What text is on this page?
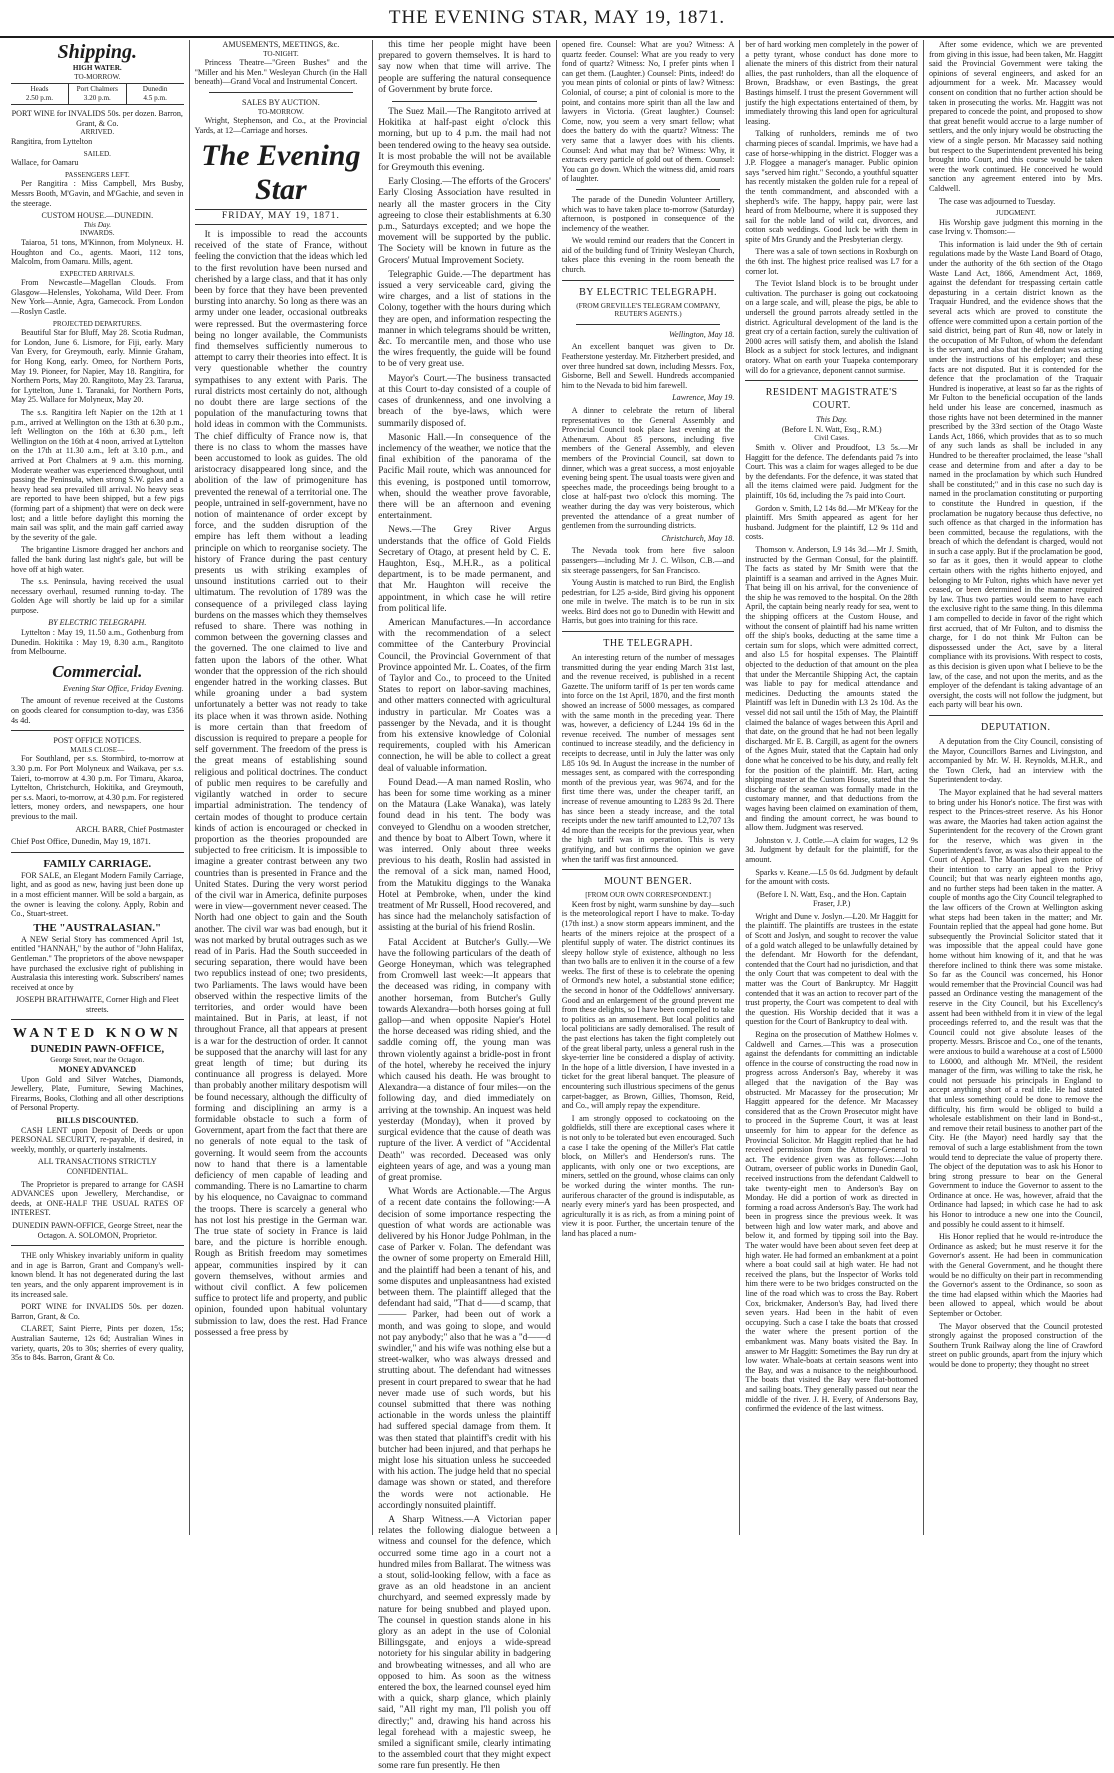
THE EVENING STAR, MAY 19, 1871.
Shipping.
HIGH WATER.
TO-MORROW.
Heads
2.50 p.m.
Port Chalmers
3.20 p.m.
Dunedin
4.5 p.m.
PORT WINE for INVALIDS 50s. per dozen. Barron, Grant, & Co.
ARRIVED.

Rangitira, from Lyttelton

SAILED.

Wallace, for Oamaru

PASSENGERS LEFT.

Per Rangitira : Miss Campbell, Mrs Busby, Messrs Booth, M'Gavin, and M'Gachie, and seven in the steerage.

CUSTOM HOUSE.—DUNEDIN.
This Day.
INWARDS.

Taiaroa, 51 tons, M'Kinnon, from Molyneux. H. Houghton and Co., agents. Maori, 112 tons, Malcolm, from Oamaru. Mills, agent.

EXPECTED ARRIVALS.

From Newcastle—Magellan Clouds. From Glasgow—Helensles, Yokohama, Wild Deer. From New York—Annie, Agra, Gamecock. From London—Roslyn Castle.

PROJECTED DEPARTURES.

Beautiful Star for Bluff, May 28. Scotia Rudman, for London, June 6. Lismore, for Fiji, early. Mary Van Every, for Greymouth, early. Minnie Graham, for Hong Kong, early. Omeo, for Northern Ports, May 19. Pioneer, for Napier, May 18. Rangitira, for Northern Ports, May 20. Rangitoto, May 23. Tararua, for Lyttelton, June 1. Taranaki, for Northern Ports, May 25. Wallace for Molyneux, May 20.

The s.s. Rangitira left Napier on the 12th at 1 p.m., arrived at Wellington on the 13th at 6.30 p.m., left Wellington on the 16th at 6.30 p.m., left Wellington on the 16th at 4 noon, arrived at Lyttelton on the 17th at 11.30 a.m., left at 3.10 p.m., and arrived at Port Chalmers at 9 a.m. this morning. Moderate weather was experienced throughout, until passing the Peninsula, when strong S.W. gales and a heavy head sea prevailed till arrival. No heavy seas are reported to have been shipped, but a few pigs (forming part of a shipment) that were on deck were lost; and a little before daylight this morning the main sail was split, and the main gaff carried away by the severity of the gale.

The brigantine Lismore dragged her anchors and falled the bank during last night's gale, but will be hove off at high water.

The s.s. Peninsula, having received the usual necessary overhaul, resumed running to-day. The Golden Age will shortly be laid up for a similar purpose.

BY ELECTRIC TELEGRAPH.

Lyttelton : May 19, 11.50 a.m., Gothenburg from Dunedin. Hokitika : May 19, 8.30 a.m., Rangitoto from Melbourne.

Commercial.

Evening Star Office, Friday Evening.

The amount of revenue received at the Customs on goods cleared for consumption to-day, was £356 4s 4d.

POST OFFICE NOTICES.
MAILS CLOSE—

For Southland, per s.s. Stormbird, to-morrow at 3.30 p.m. For Port Molyneux and Waikava, per s.s. Taieri, to-morrow at 4.30 p.m. For Timaru, Akaroa, Lyttelton, Christchurch, Hokitika, and Greymouth, per s.s. Maori, to-morrow, at 4.30 p.m. For registered letters, money orders, and newspapers, one hour previous to the mail.

ARCH. BARR, Chief Postmaster

Chief Post Office, Dunedin, May 19, 1871.

FAMILY CARRIAGE.

FOR SALE, an Elegant Modern Family Carriage, light, and as good as new, having just been done up in a most efficient manner. Will be sold a bargain, as the owner is leaving the colony. Apply, Robin and Co., Stuart-street.

THE "AUSTRALASIAN."

A NEW Serial Story has commenced April 1st, entitled "HANNAH," by the author of "John Halifax, Gentleman." The proprietors of the above newspaper have purchased the exclusive right of publishing in Australasia this interesting work. Subscribers' names received at once by

JOSEPH BRAITHWAITE, Corner High and Fleet streets.

WANTED KNOWN
DUNEDIN PAWN-OFFICE,
George Street, near the Octagon.
MONEY ADVANCED

Upon Gold and Silver Watches, Diamonds, Jewellery, Plate, Furniture, Sewing Machines, Firearms, Books, Clothing and all other descriptions of Personal Property.

BILLS DISCOUNTED.

CASH LENT upon Deposit of Deeds or upon PERSONAL SECURITY, re-payable, if desired, in weekly, monthly, or quarterly instalments.

ALL TRANSACTIONS STRICTLY CONFIDENTIAL.

The Proprietor is prepared to arrange for CASH ADVANCES upon Jewellery, Merchandise, or deeds, at ONE-HALF THE USUAL RATES OF INTEREST.

DUNEDIN PAWN-OFFICE, George Street, near the Octagon. A. SOLOMON, Proprietor.

THE only Whiskey invariably uniform in quality and in age is Barron, Grant and Company's well-known blend. It has not degenerated during the last ten years, and the only apparent improvement is in its increased sale.

PORT WINE for INVALIDS 50s. per dozen. Barron, Grant, & Co.

CLARET, Saint Pierre, Pints per dozen, 15s; Australian Sauterne, 12s 6d; Australian Wines in variety, quarts, 20s to 30s; sherries of every quality, 35s to 84s. Barron, Grant & Co.

AMUSEMENTS, MEETINGS, &c.
TO-NIGHT.

Princess Theatre—"Green Bushes" and the "Miller and his Men." Wesleyan Church (in the Hall beneath)—Grand Vocal and Instrumental Concert.

SALES BY AUCTION.
TO-MORROW.

Wright, Stephenson, and Co., at the Provincial Yards, at 12—Carriage and horses.

The Evening Star
FRIDAY, MAY 19, 1871.

It is impossible to read the accounts received of the state of France, without feeling the conviction that the ideas which led to the first revolution have been nursed and cherished by a large class, and that it has only been by force that they have been prevented bursting into anarchy. So long as there was an army under one leader, occasional outbreaks were repressed. But the overmastering force being no longer available, the Communists find themselves sufficiently numerous to attempt to carry their theories into effect. It is very questionable whether the country sympathises to any extent with Paris. The rural districts most certainly do not, although no doubt there are large sections of the population of the manufacturing towns that hold ideas in common with the Communists. The chief difficulty of France now is, that there is no class to whom the masses have been accustomed to look as guides. The old aristocracy disappeared long since, and the abolition of the law of primogeniture has prevented the renewal of a territorial one. The people, untrained in self-government, have no notion of maintenance of order except by force, and the sudden disruption of the empire has left them without a leading principle on which to reorganise society. The history of France during the past century presents us with striking examples of unsound institutions carried out to their ultimatum. The revolution of 1789 was the consequence of a privileged class laying burdens on the masses which they themselves refused to share. There was nothing in common between the governing classes and the governed. The one claimed to live and fatten upon the labors of the other. What wonder that the oppression of the rich should engender hatred in the working classes. But while groaning under a bad system unfortunately a better was not ready to take its place when it was thrown aside. Nothing is more certain than that freedom of discussion is required to prepare a people for self government. The freedom of the press is the great means of establishing sound religious and political doctrines. The conduct of public men requires to be carefully and vigilantly watched in order to secure impartial administration. The tendency of certain modes of thought to produce certain kinds of action is encouraged or checked in proportion as the theories propounded are subjected to free criticism. It is impossible to imagine a greater contrast between any two countries than is presented in France and the United States. During the very worst period of the civil war in America, definite purposes were in view—government never ceased. The North had one object to gain and the South another. The civil war was bad enough, but it was not marked by brutal outrages such as we read of in Paris. Had the South succeeded in securing separation, there would have been two republics instead of one; two presidents, two Parliaments. The laws would have been observed within the respective limits of the territories, and order would have been maintained. But in Paris, at least, if not throughout France, all that appears at present is a war for the destruction of order. It cannot be supposed that the anarchy will last for any great length of time; but during its continuance all progress is delayed. More than probably another military despotism will be found necessary, although the difficulty of forming and disciplining an army is a formidable obstacle to such a form of Government, apart from the fact that there are no generals of note equal to the task of governing. It would seem from the accounts now to hand that there is a lamentable deficiency of men capable of leading and commanding. There is no Lamartine to charm by his eloquence, no Cavaignac to command the troops. There is scarcely a general who has not lost his prestige in the German war. The true state of society in France is laid bare, and the picture is horrible enough. Rough as British freedom may sometimes appear, communities inspired by it can govern themselves, without armies and without civil conflict. A few policemen suffice to protect life and property, and public opinion, founded upon habitual voluntary submission to law, does the rest. Had France possessed a free press by

this time her people might have been prepared to govern themselves. It is hard to say now when that time will arrive. The people are suffering the natural consequence of Government by brute force.

The Suez Mail.—The Rangitoto arrived at Hokitika at half-past eight o'clock this morning, but up to 4 p.m. the mail had not been tendered owing to the heavy sea outside. It is most probable the will not be available for Greymouth this evening.

Early Closing.—The efforts of the Grocers' Early Closing Association have resulted in nearly all the master grocers in the City agreeing to close their establishments at 6.30 p.m., Saturdays excepted; and we hope the movement will be supported by the public. The Society will be known in future as the Grocers' Mutual Improvement Society.

Telegraphic Guide.—The department has issued a very serviceable card, giving the wire charges, and a list of stations in the Colony, together with the hours during which they are open, and information respecting the manner in which telegrams should be written, &c. To mercantile men, and those who use the wires frequently, the guide will be found to be of very great use.

Mayor's Court.—The business transacted at this Court to-day consisted of a couple of cases of drunkenness, and one involving a breach of the bye-laws, which were summarily disposed of.

Masonic Hall.—In consequence of the inclemency of the weather, we notice that the final exhibition of the panorama of the Pacific Mail route, which was announced for this evening, is postponed until tomorrow, when, should the weather prove favorable, there will be an afternoon and evening entertainment.

News.—The Grey River Argus understands that the office of Gold Fields Secretary of Otago, at present held by C. E. Haughton, Esq., M.H.R., as a political department, is to be made permanent, and that Mr. Haughton will receive the appointment, in which case he will retire from political life.

American Manufactures.—In accordance with the recommendation of a select committee of the Canterbury Provincial Council, the Provincial Government of that Province appointed Mr. L. Coates, of the firm of Taylor and Co., to proceed to the United States to report on labor-saving machines, and other matters connected with agricultural industry in particular. Mr Coates was a passenger by the Nevada, and it is thought from his extensive knowledge of Colonial requirements, coupled with his American connection, he will be able to collect a great deal of valuable information.

Found Dead.—A man named Roslin, who has been for some time working as a miner on the Mataura (Lake Wanaka), was lately found dead in his tent. The body was conveyed to Glendhu on a wooden stretcher, and thence by boat to Albert Town, where it was interred. Only about three weeks previous to his death, Roslin had assisted in the removal of a sick man, named Hood, from the Matukitu diggings to the Wanaka Hotel at Pembroke, when, under the kind treatment of Mr Russell, Hood recovered, and has since had the melancholy satisfaction of assisting at the burial of his friend Roslin.

Fatal Accident at Butcher's Gully.—We have the following particulars of the death of George Honeyman, which was telegraphed from Cromwell last week:—It appears that the deceased was riding, in company with another horseman, from Butcher's Gully towards Alexandra—both horses going at full gallop—and when opposite Napier's Hotel the horse deceased was riding shied, and the saddle coming off, the young man was thrown violently against a bridle-post in front of the hotel, whereby he received the injury which caused his death. He was brought to Alexandra—a distance of four miles—on the following day, and died immediately on arriving at the township. An inquest was held yesterday (Monday), when it proved by surgical evidence that the cause of death was rupture of the liver. A verdict of "Accidental Death" was recorded. Deceased was only eighteen years of age, and was a young man of great promise.

What Words are Actionable.—The Argus of a recent date contains the following:—A decision of some importance respecting the question of what words are actionable was delivered by his Honor Judge Pohlman, in the case of Parker v. Folan. The defendant was the owner of some property on Emerald Hill, and the plaintiff had been a tenant of his, and some disputes and unpleasantness had existed between them. The plaintiff alleged that the defendant had said, "That d——d scamp, that ——— Parker, had been out of work a month, and was going to slope, and would not pay anybody;" also that he was a "d——d swindler," and his wife was nothing else but a street-walker, who was always dressed and strutting about. The defendant had witnesses present in court prepared to swear that he had never made use of such words, but his counsel submitted that there was nothing actionable in the words unless the plaintiff had suffered special damage from them. It was then stated that plaintiff's credit with his butcher had been injured, and that perhaps he might lose his situation unless he succeeded with his action. The judge held that no special damage was shown or stated, and therefore the words were not actionable. He accordingly nonsuited plaintiff.

A Sharp Witness.—A Victorian paper relates the following dialogue between a witness and counsel for the defence, which occurred some time ago in a court not a hundred miles from Ballarat. The witness was a stout, solid-looking fellow, with a face as grave as an old headstone in an ancient churchyard, and seemed expressly made by nature for being snubbed and played upon. The counsel in question stands alone in his glory as an adept in the use of Colonial Billingsgate, and enjoys a wide-spread notoriety for his singular ability in badgering and browbeating witnesses, and all who are opposed to him. As soon as the witness entered the box, the learned counsel eyed him with a quick, sharp glance, which plainly said, "All right my man, I'll polish you off directly;" and, drawing his hand across his legal forehead with a majestic sweep, he smiled a significant smile, clearly intimating to the assembled court that they might expect some rare fun presently. He then

opened fire. Counsel: What are you? Witness: A quartz feeder. Counsel: What are you ready to very fond of quartz? Witness: No, I prefer pints when I can get them. (Laughter.) Counsel: Pints, indeed! do you mean pints of colonial or pints of law? Witness: Colonial, of course; a pint of colonial is more to the point, and contains more spirit than all the law and lawyers in Victoria. (Great laughter.) Counsel: Come, now, you seem a very smart fellow; what does the battery do with the quartz? Witness: The very same that a lawyer does with his clients. Counsel: And what may that be? Witness: Why, it extracts every particle of gold out of them. Counsel: You can go down. Which the witness did, amid roars of laughter.

The parade of the Dunedin Volunteer Artillery, which was to have taken place to-morrow (Saturday) afternoon, is postponed in consequence of the inclemency of the weather.

We would remind our readers that the Concert in aid of the building fund of Trinity Wesleyan Church, takes place this evening in the room beneath the church.

BY ELECTRIC TELEGRAPH.
(FROM GREVILLE'S TELEGRAM COMPANY, REUTER'S AGENTS.)

Wellington, May 18.

An excellent banquet was given to Dr. Featherstone yesterday. Mr. Fitzherbert presided, and over three hundred sat down, including Messrs. Fox, Gisborne, Bell and Sewell. Hundreds accompanied him to the Nevada to bid him farewell.

Lawrence, May 19.

A dinner to celebrate the return of liberal representatives to the General Assembly and Provincial Council took place last evening at the Athenæum. About 85 persons, including five members of the General Assembly, and eleven members of the Provincial Council, sat down to dinner, which was a great success, a most enjoyable evening being spent. The usual toasts were given and speeches made, the proceedings being brought to a close at half-past two o'clock this morning. The weather during the day was very boisterous, which prevented the attendance of a great number of gentlemen from the surrounding districts.

Christchurch, May 18.

The Nevada took from here five saloon passengers—including Mr J. C. Wilson, C.B.—and six steerage passengers, for San Francisco.

Young Austin is matched to run Bird, the English pedestrian, for L25 a-side, Bird giving his opponent one mile in twelve. The match is to be run in six weeks. Bird does not go to Dunedin with Hewitt and Harris, but goes into training for this race.

THE TELEGRAPH.

An interesting return of the number of messages transmitted during the year ending March 31st last, and the revenue received, is published in a recent Gazette. The uniform tariff of 1s per ten words came into force on the 1st April, 1870, and the first month showed an increase of 5000 messages, as compared with the same month in the preceding year. There was, however, a deficiency of L244 19s 6d in the revenue received. The number of messages sent continued to increase steadily, and the deficiency in receipts to decrease, until in July the latter was only L85 10s 9d. In August the increase in the number of messages sent, as compared with the corresponding month of the previous year, was 9674, and for the first time there was, under the cheaper tariff, an increase of revenue amounting to L283 9s 2d. There has since been a steady increase, and the total receipts under the new tariff amounted to L2,707 13s 4d more than the receipts for the previous year, when the high tariff was in operation. This is very gratifying, and but confirms the opinion we gave when the tariff was first announced.

MOUNT BENGER.
[FROM OUR OWN CORRESPONDENT.]

Keen frost by night, warm sunshine by day—such is the meteorological report I have to make. To-day (17th inst.) a snow storm appears imminent, and the hearts of the miners rejoice at the prospect of a plentiful supply of water. The district continues its sleepy hollow style of existence, although no less than two balls are to enliven it in the course of a few weeks. The first of these is to celebrate the opening of Ormond's new hotel, a substantial stone edifice; the second in honor of the Oddfellows' anniversary. Good and an enlargement of the ground prevent me from these delights, so I have been compelled to take to politics as an amusement. But local politics and local politicians are sadly demoralised. The result of the past elections has taken the fight completely out of the great liberal party, unless a general rush in the skye-terrier line be considered a display of activity. In the hope of a little diversion, I have invested in a ticket for the great liberal banquet. The pleasure of encountering such illustrious specimens of the genus carpet-bagger, as Brown, Gillies, Thomson, Reid, and Co., will amply repay the expenditure.

I am strongly opposed to cockatooing on the goldfields, still there are exceptional cases where it is not only to be tolerated but even encouraged. Such a case I take the opening of the Miller's Flat cattle block, on Miller's and Henderson's runs. The applicants, with only one or two exceptions, are miners, settled on the ground, whose claims can only be worked during the winter months. The run-auriferous character of the ground is indisputable, as nearly every miner's yard has been prospected, and agriculturally it is as rich, as from a mining point of view it is poor. Further, the uncertain tenure of the land has placed a num-

ber of hard working men completely in the power of a petty tyrant, whose conduct has done more to alienate the miners of this district from their natural allies, the past runholders, than all the eloquence of Brown, Bradshaw, or even Bastings, the great Bastings himself. I trust the present Government will justify the high expectations entertained of them, by immediately throwing this land open for agricultural leasing.

Talking of runholders, reminds me of two charming pieces of scandal. Imprimis, we have had a case of horse-whipping in the district. Flogger was a J.P. Floggee a manager's manager. Public opinion says "served him right." Secondo, a youthful squatter has recently mistaken the golden rule for a repeal of the tenth commandment, and absconded with a shepherd's wife. The happy, happy pair, were last heard of from Melbourne, where it is supposed they sail for the noble land of wild cat, divorces, and cotton scab weddings. Good luck be with them in spite of Mrs Grundy and the Presbyterian clergy.

There was a sale of town sections in Roxburgh on the 6th inst. The highest price realised was L7 for a corner lot.

The Teviot Island block is to be brought under cultivation. The purchaser is going out cockatooing on a large scale, and will, please the pigs, be able to undersell the ground parrots already settled in the district. Agricultural development of the land is the great cry of a certain faction, surely the cultivation of 2000 acres will satisfy them, and abolish the Island Block as a subject for stock lectures, and indignant oratory. What on earth your Tuapeka contemporary will do for a grievance, deponent cannot surmise.

RESIDENT MAGISTRATE'S COURT.
This Day.
(Before I. N. Watt, Esq., R.M.)
Civil Cases.

Smith v. Oliver and Proudfoot, L3 5s.—Mr Haggitt for the defence. The defendants paid 7s into Court. This was a claim for wages alleged to be due by the defendants. For the defence, it was stated that all the items claimed were paid. Judgment for the plaintiff, 10s 6d, including the 7s paid into Court.

Gordon v. Smith, L2 14s 8d.—Mr M'Keay for the plaintiff. Mrs Smith appeared as agent for her husband. Judgment for the plaintiff, L2 9s 11d and costs.

Thomson v. Anderson, L9 14s 3d.—Mr J. Smith, instructed by the German Consul, for the plaintiff. The facts as stated by Mr Smith were that the plaintiff is a seaman and arrived in the Agnes Muir. That being ill on his arrival, for the convenience of the ship he was removed to the hospital. On the 28th April, the captain being nearly ready for sea, went to the shipping officers at the Custom House, and without the consent of plaintiff had his name written off the ship's books, deducting at the same time a certain sum for slops, which were admitted correct, and also L5 for hospital expenses. The Plaintiff objected to the deduction of that amount on the plea that under the Mercantile Shipping Act, the captain was liable to pay for medical attendance and medicines. Deducting the amounts stated the Plaintiff was left in Dunedin with L3 2s 10d. As the vessel did not sail until the 15th of May, the Plaintiff claimed the balance of wages between this April and that date, on the ground that he had not been legally discharged. Mr E. B. Cargill, as agent for the owners of the Agnes Muir, stated that the Captain had only done what he conceived to be his duty, and really felt for the position of the plaintiff. Mr. Hart, acting shipping master at the Custom House, stated that the discharge of the seaman was formally made in the customary manner, and that deductions from the wages having been claimed on examination of them, and finding the amount correct, he was bound to allow them. Judgment was reserved.

Johnston v. J. Cottle.—A claim for wages, L2 9s 3d. Judgment by default for the plaintiff, for the amount.

Sparks v. Keane.—L5 0s 6d. Judgment by default for the amount with costs.

(Before I. N. Watt, Esq., and the Hon. Captain Fraser, J.P.)

Wright and Dune v. Joslyn.—L20. Mr Haggitt for the plaintiff. The plaintiffs are trustees in the estate of Scott and Joslyn, and sought to recover the value of a gold watch alleged to be unlawfully detained by the defendant. Mr Howorth for the defendant, contended that the Court had no jurisdiction, and that the only Court that was competent to deal with the matter was the Court of Bankruptcy. Mr Haggitt contended that it was an action to recover part of the trust property, the Court was competent to deal with the question. His Worship decided that it was a question for the Court of Bankruptcy to deal with.

Regina on the prosecution of Matthew Holmes v. Caldwell and Carnes.—This was a prosecution against the defendants for committing an indictable offence in the course of constructing the road now in progress across Anderson's Bay, whereby it was alleged that the navigation of the Bay was obstructed. Mr Macassey for the prosecution; Mr Haggitt appeared for the defence. Mr Macassey considered that as the Crown Prosecutor might have to proceed in the Supreme Court, it was at least unseemly for him to appear for the defence as Provincial Solicitor. Mr Haggitt replied that he had received permission from the Attorney-General to act. The evidence given was as follows:—John Outram, overseer of public works in Dunedin Gaol, received instructions from the defendant Caldwell to take twenty-eight men to Anderson's Bay on Monday. He did a portion of work as directed in forming a road across Anderson's Bay. The work had been in progress since the previous week. It was between high and low water mark, and above and below it, and formed by tipping soil into the Bay. The water would have been about seven feet deep at high water. He had formed an embankment at a point where a boat could sail at high water. He had not received the plans, but the Inspector of Works told him there were to be two bridges constructed on the line of the road which was to cross the Bay. Robert Cox, brickmaker, Anderson's Bay, had lived there seven years. Had been in the habit of even occupying. Such a case I take the boats that crossed the water where the present portion of the embankment was. Many boats visited the Bay. In answer to Mr Haggitt: Sometimes the Bay run dry at low water. Whale-boats at certain seasons went into the Bay, and was a nuisance to the neighbourhood. The boats that visited the Bay were flat-bottomed and sailing boats. They generally passed out near the middle of the river. J. H. Every, of Andersons Bay, confirmed the evidence of the last witness.

After some evidence, which we are prevented from giving in this issue, had been taken, Mr. Haggitt said the Provincial Government were taking the opinions of several engineers, and asked for an adjournment for a week. Mr. Macassey would consent on condition that no further action should be taken in prosecuting the works. Mr. Haggitt was not prepared to concede the point, and proposed to show that great benefit would accrue to a large number of settlers, and the only injury would be obstructing the view of a single person. Mr Macassey said nothing but respect to the Superintendent prevented his being brought into Court, and this course would be taken were the work continued. He conceived he would sanction any agreement entered into by Mrs. Caldwell.

The case was adjourned to Tuesday.

JUDGMENT.

His Worship gave judgment this morning in the case Irving v. Thomson:—

This information is laid under the 9th of certain regulations made by the Waste Land Board of Otago, under the authority of the 6th section of the Otago Waste Land Act, 1866, Amendment Act, 1869, against the defendant for trespassing certain cattle depasturing in a certain district known as the Traquair Hundred, and the evidence shows that the several acts which are proved to constitute the offence were committed upon a certain portion of the said district, being part of Run 48, now or lately in the occupation of Mr Fulton, of whom the defendant is the servant, and also that the defendant was acting under the instructions of his employer; and these facts are not disputed. But it is contended for the defence that the proclamation of the Traquair Hundred is inoperative, at least so far as the rights of Mr Fulton to the beneficial occupation of the lands held under his lease are concerned, inasmuch as those rights have not been determined in the manner prescribed by the 33rd section of the Otago Waste Lands Act, 1866, which provides that as to so much of any such lands as shall be included in any Hundred to be thereafter proclaimed, the lease "shall cease and determine from and after a day to be named in the proclamation by which such Hundred shall be constituted;" and in this case no such day is named in the proclamation constituting or purporting to constitute the Hundred in question, if the proclamation be nugatory because thus defective, no such offence as that charged in the information has been committed, because the regulations, with the breach of which the defendant is charged, would not in such a case apply. But if the proclamation be good, so far as it goes, then it would appear to clothe certain others with the rights hitherto enjoyed, and belonging to Mr Fulton, rights which have never yet ceased, or been determined in the manner required by law. Thus two parties would seem to have each the exclusive right to the same thing. In this dilemma I am compelled to decide in favor of the right which first accrued, that of Mr Fulton, and to dismiss the charge, for I do not think Mr Fulton can be dispossessed under the Act, save by a literal compliance with its provisions. With respect to costs, as this decision is given upon what I believe to be the law, of the case, and not upon the merits, and as the employer of the defendant is taking advantage of an oversight, the costs will not follow the judgment, but each party will bear his own.

DEPUTATION.

A deputation from the City Council, consisting of the Mayor, Councillors Barnes and Livingston, and accompanied by Mr. W. H. Reynolds, M.H.R., and the Town Clerk, had an interview with the Superintendent to-day.

The Mayor explained that he had several matters to bring under his Honor's notice. The first was with respect to the Princes-street reserve. As his Honor was aware, the Maories had taken action against the Superintendent for the recovery of the Crown grant for the reserve, which was given in the Superintendent's favor, as was also their appeal to the Court of Appeal. The Maories had given notice of their intention to carry an appeal to the Privy Council; but that was nearly eighteen months ago, and no further steps had been taken in the matter. A couple of months ago the City Council telegraphed to the law officers of the Crown at Wellington asking what steps had been taken in the matter; and Mr. Fountain replied that the appeal had gone home. But subsequently the Provincial Solicitor stated that it was impossible that the appeal could have gone home without him knowing of it, and that he was therefore inclined to think there was some mistake. So far as the Council was concerned, his Honor would remember that the Provincial Council was had passed an Ordinance vesting the management of the reserve in the City Council, but his Excellency's assent had been withheld from it in view of the legal proceedings referred to, and the result was that the Council could not give absolute leases of the property. Messrs. Briscoe and Co., one of the tenants, were anxious to build a warehouse at a cost of L5000 to L6000, and although Mr. M'Neil, the resident manager of the firm, was willing to take the risk, he could not persuade his principals in England to accept anything short of a real title. He had stated that unless something could be done to remove the difficulty, his firm would be obliged to build a wholesale establishment on their land in Bond-st., and remove their retail business to another part of the City. He (the Mayor) need hardly say that the removal of such a large establishment from the town would tend to depreciate the value of property there. The object of the deputation was to ask his Honor to bring strong pressure to bear on the General Government to induce the Governor to assent to the Ordinance at once. He was, however, afraid that the Ordinance had lapsed; in which case he had to ask his Honor to introduce a new one into the Council, and possibly he could assent to it himself.

His Honor replied that he would re-introduce the Ordinance as asked; but he must reserve it for the Governor's assent. He had been in communication with the General Government, and he thought there would be no difficulty on their part in recommending the Governor's assent to the Ordinance, so soon as the time had elapsed within which the Maories had been allowed to appeal, which would be about September or October.

The Mayor observed that the Council protested strongly against the proposed construction of the Southern Trunk Railway along the line of Crawford street on public grounds, apart from the injury which would be done to property; they thought no street
